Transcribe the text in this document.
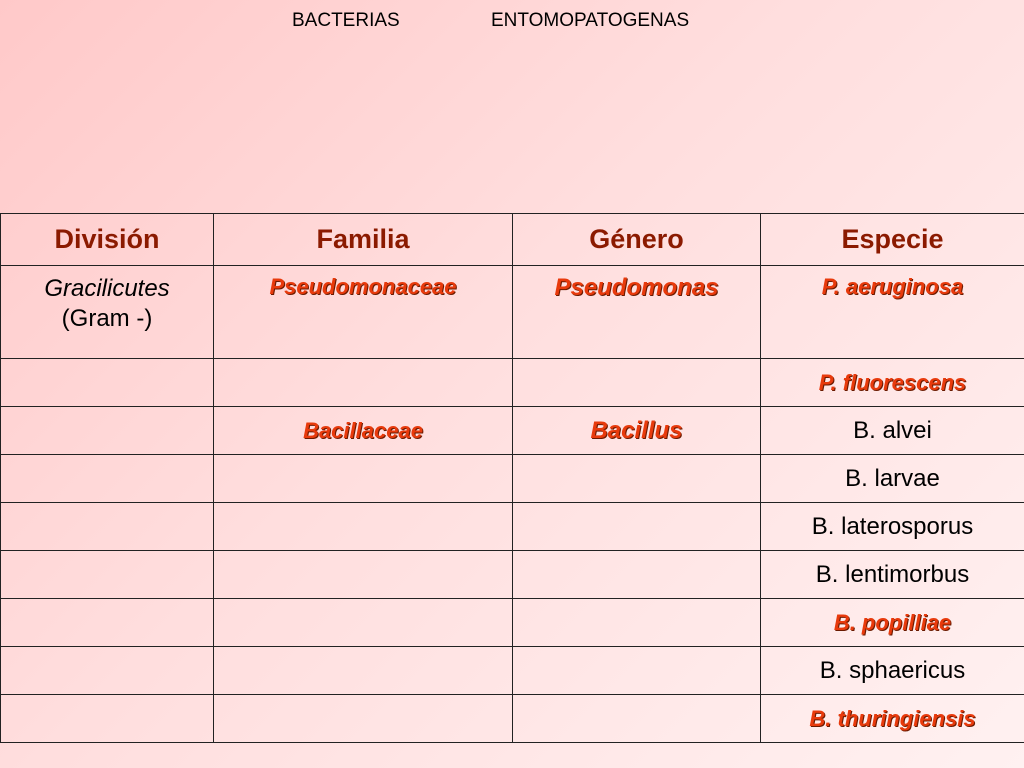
BACTERIAS	ENTOMOPATOGENAS
División	Familia	Género	Especie

Gracilicutes
(Gram -)	Pseudomonaceae	Pseudomonas	P. aeruginosa
			P. fluorescens
	Bacillaceae	Bacillus	B. alvei
			B. larvae
			B. laterosporus
			B. lentimorbus
			B. popilliae
			B. sphaericus
			B. thuringiensis
